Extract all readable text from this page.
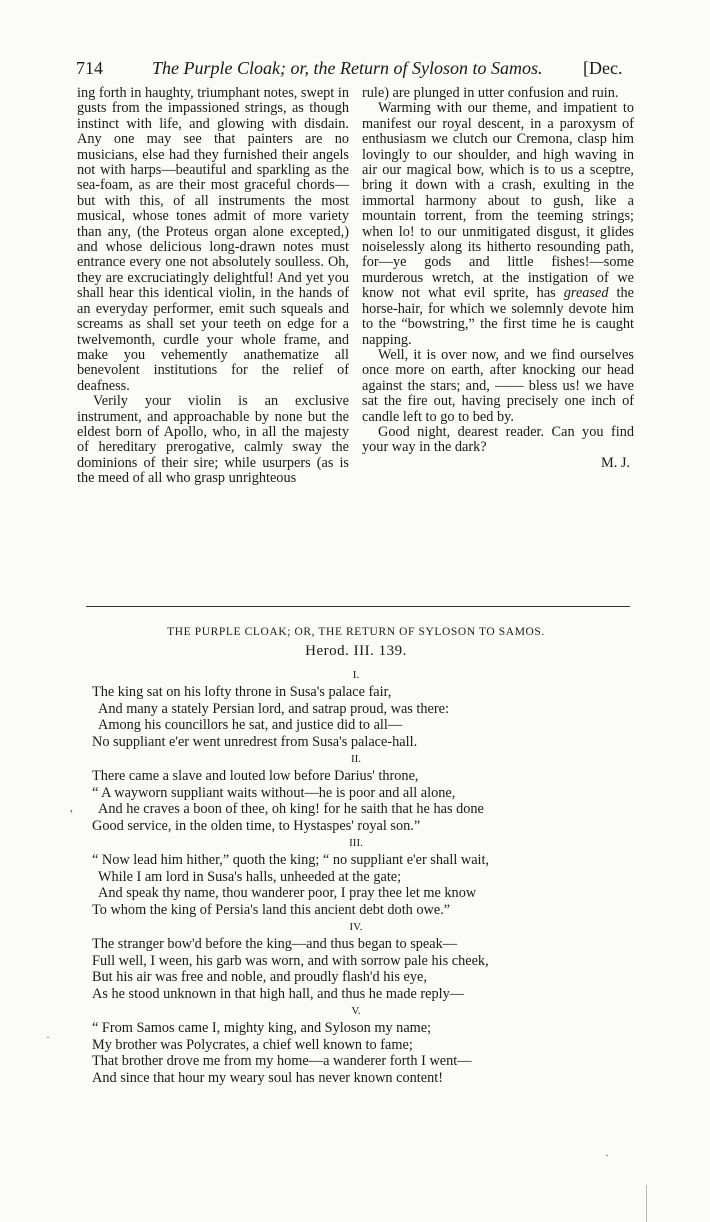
714	The Purple Cloak; or, the Return of Syloson to Samos. [Dec.

ing forth in haughty, triumphant notes, swept in gusts from the impassioned strings, as though instinct with life, and glowing with disdain. Any one may see that painters are no musicians, else had they furnished their angels not with harps—beautiful and sparkling as the sea-foam, as are their most graceful chords—but with this, of all instruments the most musical, whose tones admit of more variety than any, (the Proteus organ alone excepted,) and whose delicious long-drawn notes must entrance every one not absolutely soulless. Oh, they are excruciatingly delightful! And yet you shall hear this identical violin, in the hands of an everyday performer, emit such squeals and screams as shall set your teeth on edge for a twelvemonth, curdle your whole frame, and make you vehemently anathematize all benevolent institutions for the relief of deafness.

Verily your violin is an exclusive instrument, and approachable by none but the eldest born of Apollo, who, in all the majesty of hereditary prerogative, calmly sway the dominions of their sire; while usurpers (as is the meed of all who grasp unrighteous

rule) are plunged in utter confusion and ruin.

Warming with our theme, and impatient to manifest our royal descent, in a paroxysm of enthusiasm we clutch our Cremona, clasp him lovingly to our shoulder, and high waving in air our magical bow, which is to us a sceptre, bring it down with a crash, exulting in the immortal harmony about to gush, like a mountain torrent, from the teeming strings; when lo! to our unmitigated disgust, it glides noiselessly along its hitherto resounding path, for—ye gods and little fishes!—some murderous wretch, at the instigation of we know not what evil sprite, has greased the horse-hair, for which we solemnly devote him to the “bowstring,” the first time he is caught napping.

Well, it is over now, and we find ourselves once more on earth, after knocking our head against the stars; and, —— bless us! we have sat the fire out, having precisely one inch of candle left to go to bed by.

Good night, dearest reader. Can you find your way in the dark?

M. J.

THE PURPLE CLOAK; OR, THE RETURN OF SYLOSON TO SAMOS.
Herod. III. 139.
I.
The king sat on his lofty throne in Susa's palace fair,
And many a stately Persian lord, and satrap proud, was there:
Among his councillors he sat, and justice did to all—
No suppliant e'er went unredrest from Susa's palace-hall.
II.
There came a slave and louted low before Darius' throne,
“ A wayworn suppliant waits without—he is poor and all alone,
And he craves a boon of thee, oh king! for he saith that he has done
Good service, in the olden time, to Hystaspes' royal son.”
III.
“ Now lead him hither,” quoth the king; “ no suppliant e'er shall wait,
While I am lord in Susa's halls, unheeded at the gate;
And speak thy name, thou wanderer poor, I pray thee let me know
To whom the king of Persia's land this ancient debt doth owe.”
IV.
The stranger bow'd before the king—and thus began to speak—
Full well, I ween, his garb was worn, and with sorrow pale his cheek,
But his air was free and noble, and proudly flash'd his eye,
As he stood unknown in that high hall, and thus he made reply—
V.
“ From Samos came I, mighty king, and Syloson my name;
My brother was Polycrates, a chief well known to fame;
That brother drove me from my home—a wanderer forth I went—
And since that hour my weary soul has never known content!
,
·
ˋ
